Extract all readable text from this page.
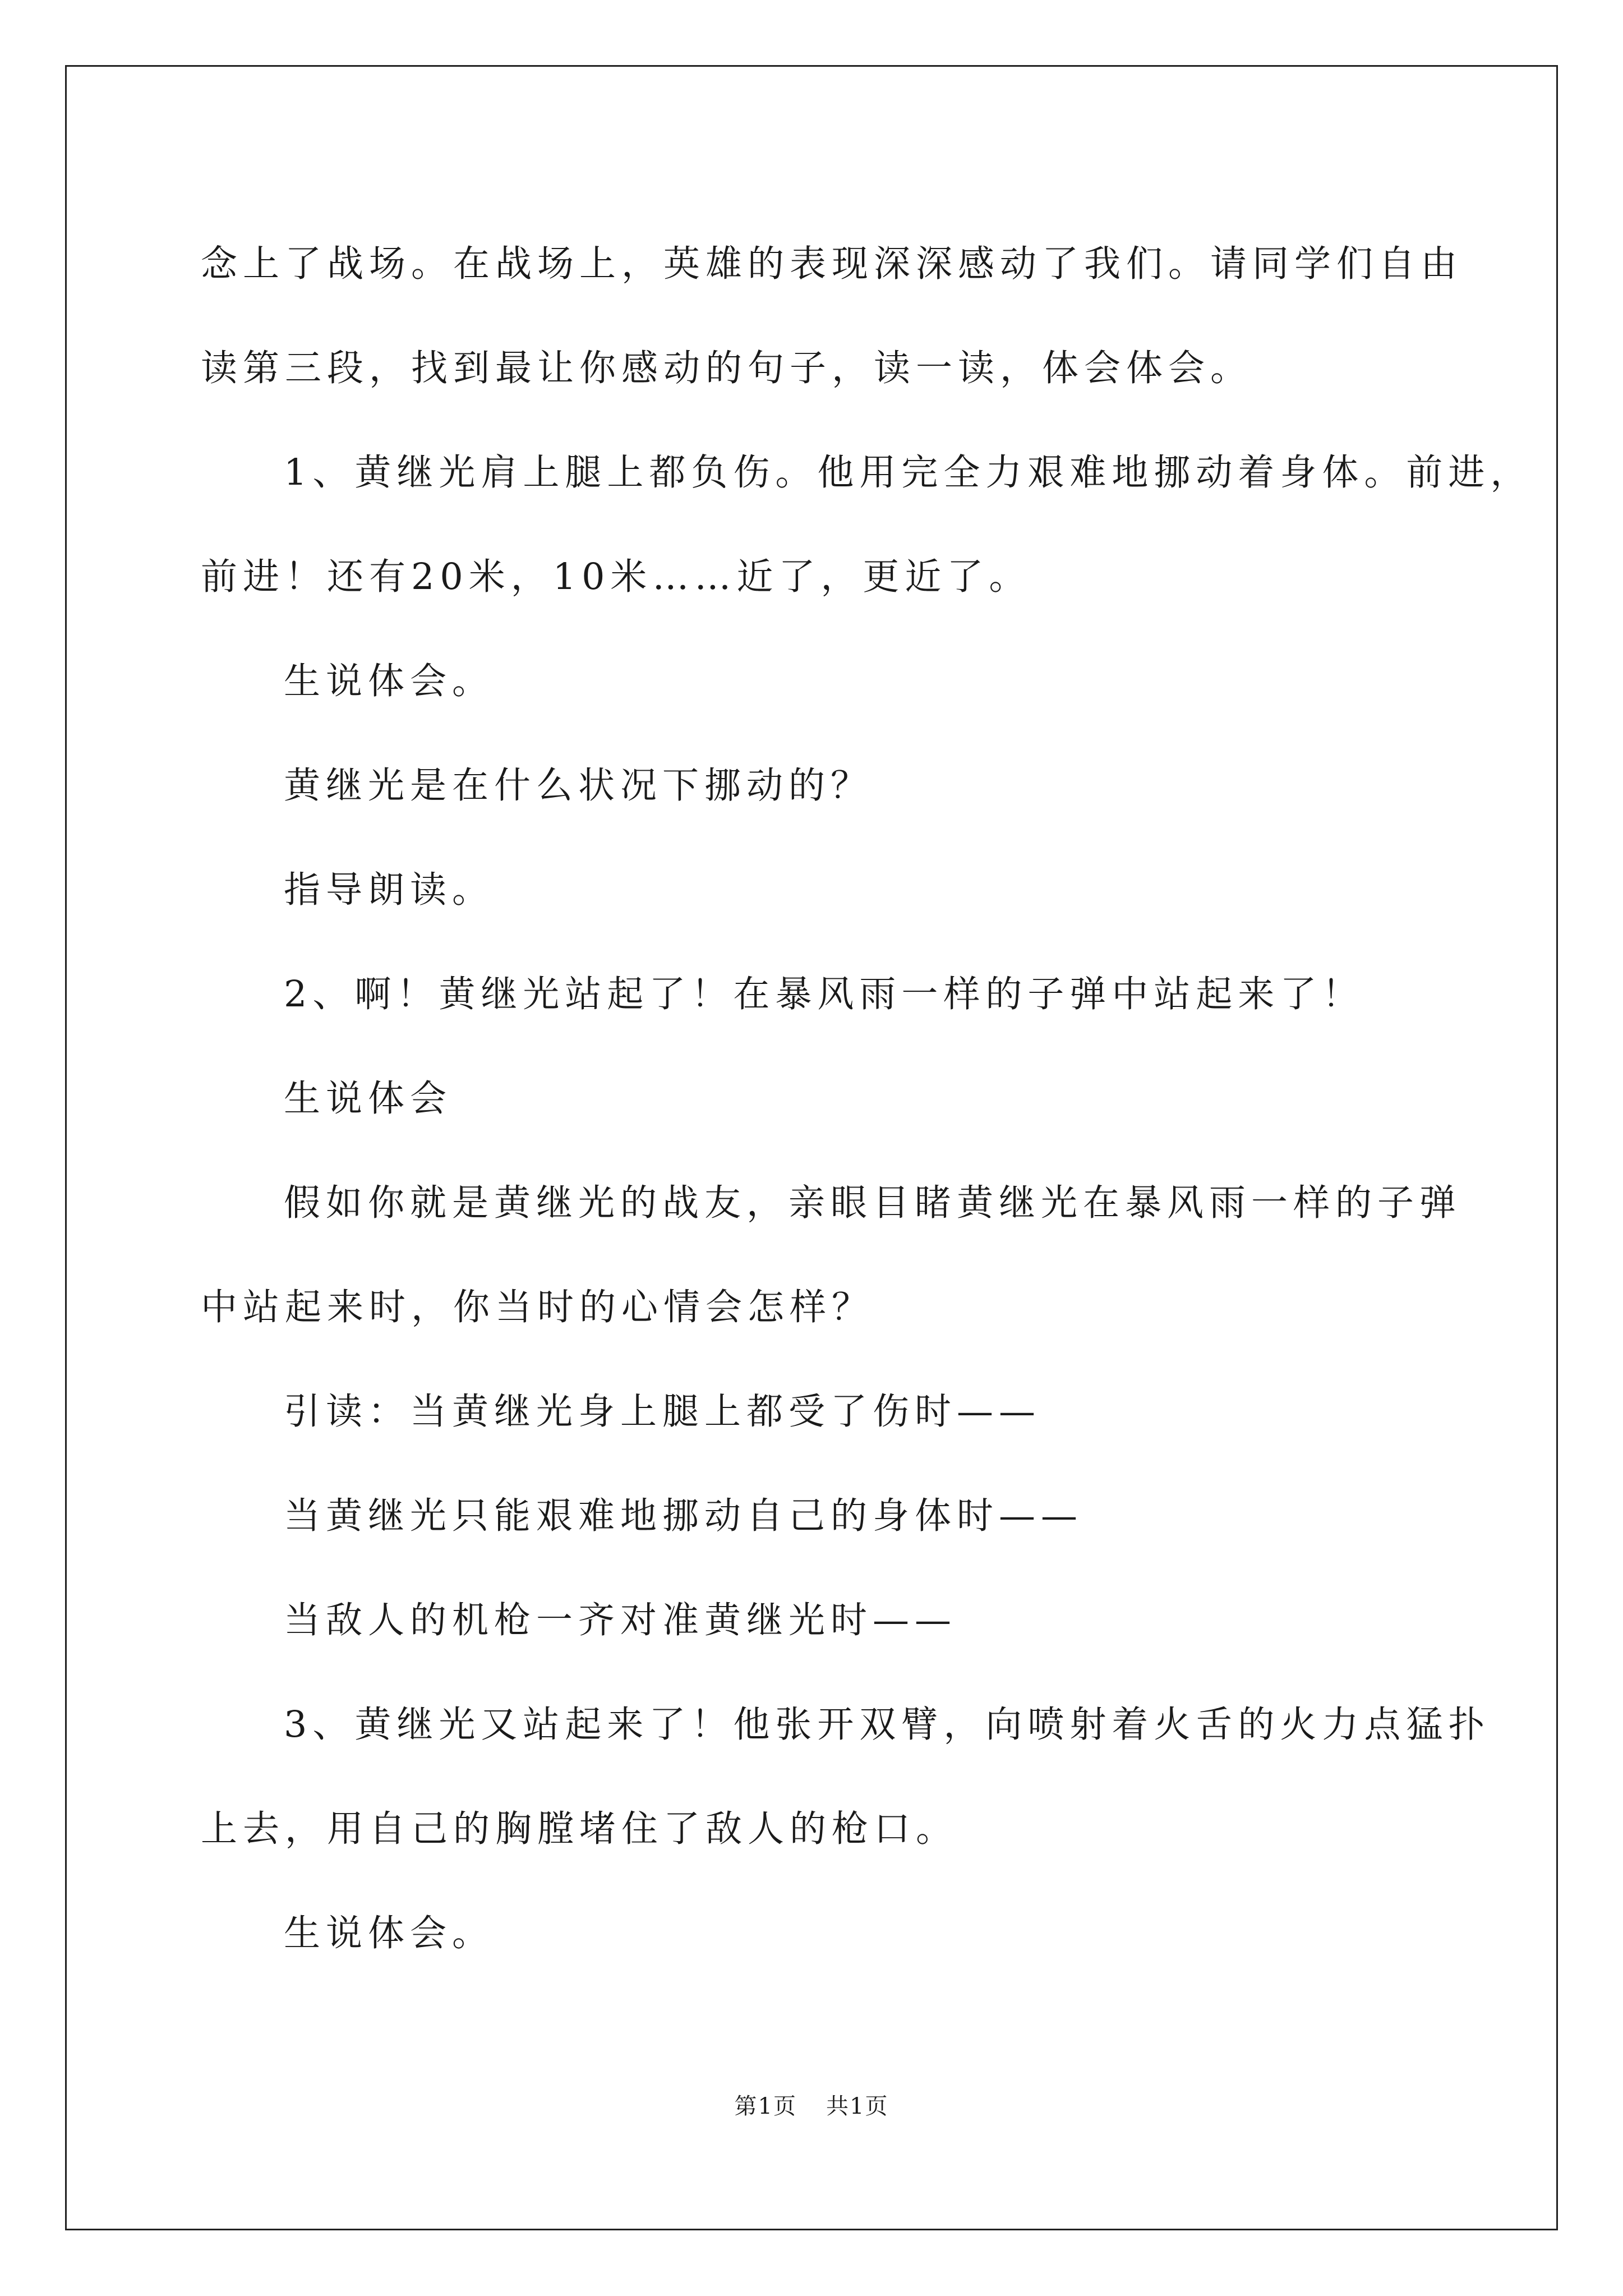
念上了战场。在战场上，英雄的表现深深感动了我们。请同学们自由

读第三段，找到最让你感动的句子，读一读，体会体会。

1、黄继光肩上腿上都负伤。他用完全力艰难地挪动着身体。前进，

前进！还有20米，10米……近了，更近了。

生说体会。

黄继光是在什么状况下挪动的？

指导朗读。

2、啊！黄继光站起了！在暴风雨一样的子弹中站起来了！

生说体会

假如你就是黄继光的战友，亲眼目睹黄继光在暴风雨一样的子弹

中站起来时，你当时的心情会怎样？

引读：当黄继光身上腿上都受了伤时——

当黄继光只能艰难地挪动自己的身体时——

当敌人的机枪一齐对准黄继光时——

3、黄继光又站起来了！他张开双臂，向喷射着火舌的火力点猛扑

上去，用自己的胸膛堵住了敌人的枪口。

生说体会。

第1页 共1页
